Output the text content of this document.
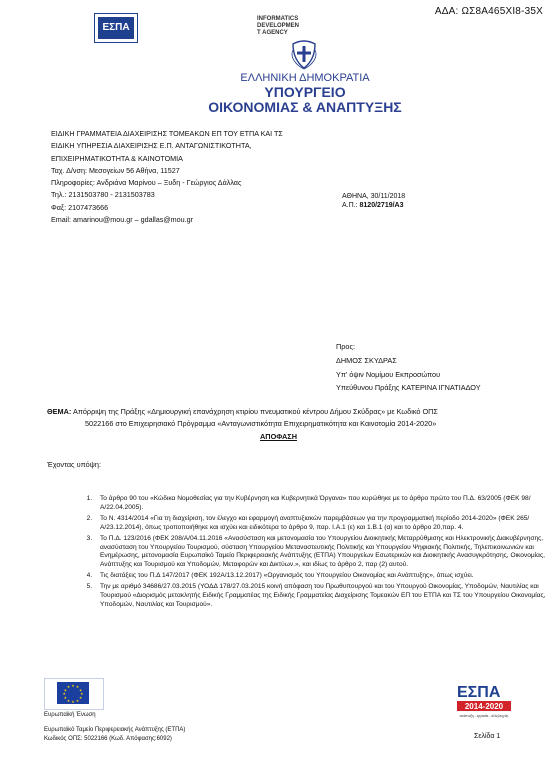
ΑΔΑ: ΩΣ8Α465ΧΙ8-35Χ
ΕΣΠΑ
INFORMATICS
DEVELOPMEN
T AGENCY
ΕΛΛΗΝΙΚΗ ΔΗΜΟΚΡΑΤΙΑ
ΥΠΟΥΡΓΕΙΟ
ΟΙΚΟΝΟΜΙΑΣ & ΑΝΑΠΤΥΞΗΣ
ΕΙΔΙΚΗ ΓΡΑΜΜΑΤΕΙΑ ΔΙΑΧΕΙΡΙΣΗΣ ΤΟΜΕΑΚΩΝ ΕΠ ΤΟΥ ΕΤΠΑ ΚΑΙ ΤΣ
ΕΙΔΙΚΗ ΥΠΗΡΕΣΙΑ ΔΙΑΧΕΙΡΙΣΗΣ Ε.Π. ΑΝΤΑΓΩΝΙΣΤΙΚΟΤΗΤΑ,
ΕΠΙΧΕΙΡΗΜΑΤΙΚΟΤΗΤΑ & ΚΑΙΝΟΤΟΜΙΑ
Ταχ. Δ/νση: Μεσογείων 56 Αθήνα, 11527
Πληροφορίες: Ανδριάνα Μαρίνου – Ξυδη - Γεώργιος Δάλλας
Τηλ.: 2131503780 - 2131503783
Φαξ: 2107473666
Email: amarinou@mou.gr – gdallas@mou.gr
ΑΘΗΝΑ, 30/11/2018
Α.Π.: 8120/2719/Α3
Προς:
ΔΗΜΟΣ ΣΚΥΔΡΑΣ
Υπ’ όψιν Νομίμου Εκπροσώπου
Υπεύθυνου Πράξης ΚΑΤΕΡΙΝΑ ΙΓΝΑΤΙΑΔΟΥ
ΘΕΜΑ: Απόρριψη της Πράξης «Δημιουργική επανάχρηση κτιρίου πνευματικού κέντρου Δήμου Σκύδρας» με Κωδικό ΟΠΣ
5022166 στο Επιχειρησιακό Πρόγραμμα «Ανταγωνιστικότητα Επιχειρηματικότητα και Καινοτομία 2014-2020»
ΑΠΟΦΑΣΗ
Έχοντας υπόψη:
1. Το άρθρο 90 του «Κώδικα Νομοθεσίας για την Κυβέρνηση και Κυβερνητικά Όργανα» που κυρώθηκε με το άρθρο πρώτο του Π.Δ. 63/2005 (ΦΕΚ 98/Α/22.04.2005).
2. Το Ν. 4314/2014 «Για τη διαχείριση, τον έλεγχο και εφαρμογή αναπτυξιακών παρεμβάσεων για την προγραμματική περίοδο 2014-2020» (ΦΕΚ 265/Α/23.12.2014), όπως τροποποιήθηκε και ισχύει και ειδικότερα το άρθρο 9, παρ. Ι.Α.1 (ε) και 1.Β.1 (α) και το άρθρο 20,παρ. 4.
3. Το Π.Δ. 123/2016 (ΦΕΚ 208/Α/04.11.2016 «Ανασύσταση και μετονομασία του Υπουργείου Διοικητικής Μεταρρύθμισης και Ηλεκτρονικής Διακυβέρνησης, ανασύσταση του Υπουργείου Τουρισμού, σύσταση Υπουργείου Μεταναστευτικής Πολιτικής και Υπουργείου Ψηφιακής Πολιτικής, Τηλεπικοινωνιών και Ενημέρωσης, μετονομασία Ευρωπαϊκό Ταμείο Περιφερειακής Ανάπτυξης (ΕΤΠΑ) Υπουργείων Εσωτερικών και Διοικητικής Ανασυγκρότησης, Οικονομίας, Ανάπτυξης και Τουρισμού και Υποδομών, Μεταφορών και Δικτύων.», και ιδίως το άρθρο 2, παρ (2) αυτού.
4. Τις διατάξεις του Π.Δ 147/2017 (ΦΕΚ 192Α/13.12.2017) «Οργανισμός του Υπουργείου Οικονομίας και Ανάπτυξης», όπως ισχύει.
5. Την με αριθμό 34686/27.03.2015 (ΥΟΔΔ 178/27.03.2015 κοινή απόφαση του Πρωθυπουργού και του Υπουργού Οικονομίας, Υποδομών, Ναυτιλίας και Τουρισμού «Διορισμός μετακλητής Ειδικής Γραμματέας της Ειδικής Γραμματείας Διαχείρισης Τομεακών ΕΠ του ΕΤΠΑ και ΤΣ του Υπουργείου Οικονομίας, Υποδομών, Ναυτιλίας και Τουρισμού».
★ ★
★
★
★
★
★
★
★
★
★
★
Ευρωπαϊκή Ένωση
Ευρωπαϊκό Ταμείο Περιφερειακής Ανάπτυξης (ΕΤΠΑ)
Κωδικός ΟΠΣ: 5022166 (Κωδ. Απόφασης:6092)
ΕΣΠΑ
2014-2020
ανάπτυξη - εργασία - αλληλεγγύη
Σελίδα 1
